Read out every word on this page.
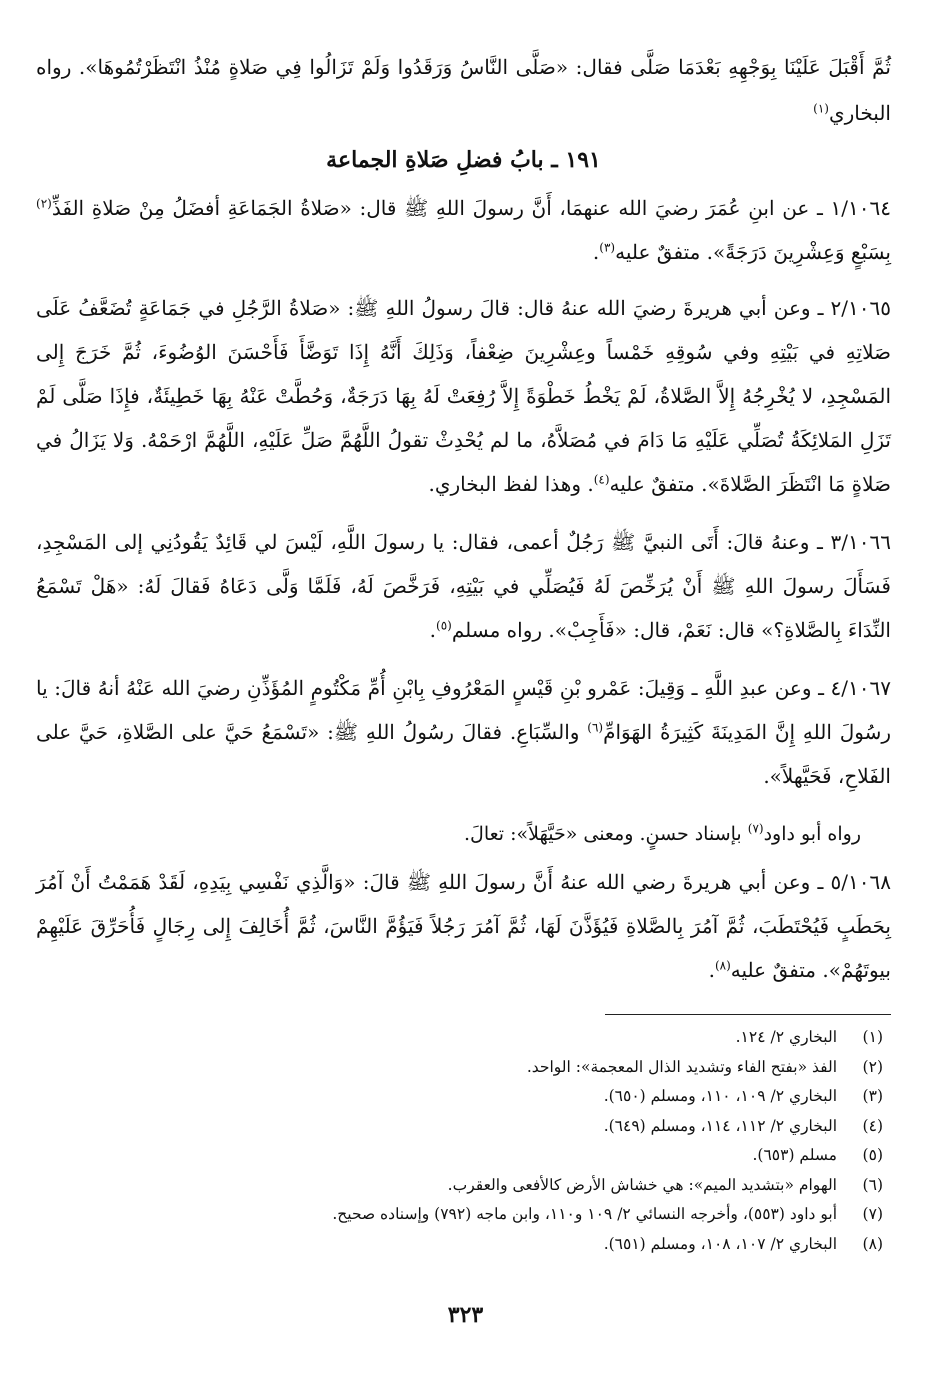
ثُمَّ أَقْبَلَ عَلَيْنَا بِوَجْهِهِ بَعْدَمَا صَلَّى فقال: «صَلَّى النَّاسُ وَرَقَدُوا وَلَمْ تَزَالُوا فِي صَلاةٍ مُنْذُ انْتَظَرْتُمُوهَا». رواه البخاري$^{(١)}$

١٩١ ـ بابُ فضلِ صَلاةِ الجماعة

١/١٠٦٤ ـ عن ابنِ عُمَرَ رضيَ الله عنهمَا، أَنَّ رسولَ اللهِ ﷺ قال: «صَلاةُ الجَمَاعَةِ أفضَلُ مِنْ صَلاةِ الفَذِّ$^{(٢)}$ بِسَبْعٍ وَعِشْرِينَ دَرَجَةً». متفقٌ عليه$^{(٣)}$.

٢/١٠٦٥ ـ وعن أبي هريرةَ رضيَ الله عنهُ قال: قالَ رسولُ اللهِ ﷺ: «صَلاةُ الرَّجُلِ في جَمَاعَةٍ تُضَعَّفُ عَلَى صَلاتِهِ في بَيْتِهِ وفي سُوقِهِ خَمْساً وعِشْرِينَ ضِعْفاً، وَذَلِكَ أَنَّهُ إِذَا تَوَضَّأَ فَأَحْسَنَ الوُضُوءَ، ثُمَّ خَرَجَ إِلى المَسْجِدِ، لا يُخْرِجُهُ إِلاَّ الصَّلاةُ، لَمْ يَخْطُ خَطْوَةً إِلاَّ رُفِعَتْ لَهُ بِهَا دَرَجَةٌ، وَحُطَّتْ عَنْهُ بِهَا خَطِيئَةٌ، فإِذَا صَلَّى لَمْ تَزَلِ المَلائِكَةُ تُصَلِّي عَلَيْهِ مَا دَامَ في مُصَلاَّهُ، ما لم يُحْدِثْ تقولُ اللَّهُمَّ صَلِّ عَلَيْهِ، اللَّهُمَّ ارْحَمْهُ. وَلا يَزَالُ في صَلاةٍ مَا انْتَظَرَ الصَّلاةَ». متفقٌ عليه$^{(٤)}$. وهذا لفظ البخاري.

٣/١٠٦٦ ـ وعنهُ قالَ: أَتَى النبيَّ ﷺ رَجُلٌ أعمى، فقال: يا رسولَ اللَّهِ، لَيْسَ لي قَائِدٌ يَقُودُنِي إلى المَسْجِدِ، فَسَأَلَ رسولَ اللهِ ﷺ أَنْ يُرَخِّصَ لَهُ فَيُصَلِّي في بَيْتِهِ، فَرَخَّصَ لَهُ، فَلَمَّا وَلَّى دَعَاهُ فَقالَ لَهُ: «هَلْ تَسْمَعُ النِّدَاءَ بِالصَّلاةِ؟» قال: نَعَمْ، قال: «فَأَجِبْ». رواه مسلم$^{(٥)}$.

٤/١٠٦٧ ـ وعن عبدِ اللَّهِ ـ وَقِيلَ: عَمْرو بْنِ قَيْسٍ المَعْرُوفِ بِابْنِ أُمِّ مَكْتُومٍ المُؤَذِّنِ رضيَ الله عَنْهُ أنهُ قالَ: يا رسُولَ اللهِ إِنَّ المَدِينَةَ كَثِيرَةُ الهَوَامِّ$^{(٦)}$ والسِّبَاعِ. فقالَ رسُولُ اللهِ ﷺ: «تَسْمَعُ حَيَّ على الصَّلاةِ، حَيَّ على الفَلاحِ، فَحَيَّهلاً».

رواه أبو داود$^{(٧)}$ بإسناد حسنٍ. ومعنى «حَيَّهَلاً»: تعالَ.

٥/١٠٦٨ ـ وعن أبي هريرةَ رضي الله عنهُ أَنَّ رسولَ اللهِ ﷺ قالَ: «وَالَّذِي نَفْسِي بِيَدِهِ، لَقَدْ هَمَمْتُ أَنْ آمُرَ بِحَطَبٍ فَيُحْتَطَبَ، ثُمَّ آمُرَ بِالصَّلاةِ فَيُؤَذَّنَ لَهَا، ثُمَّ آمُرَ رَجُلاً فَيَؤُمَّ النَّاسَ، ثُمَّ أُخَالِفَ إِلى رِجَالٍ فَأُحَرِّقَ عَلَيْهِمْ بيوتَهُمْ». متفقٌ عليه$^{(٨)}$.

(١)
البخاري ٢/ ١٢٤.
(٢)
الفذ «بفتح الفاء وتشديد الذال المعجمة»: الواحد.
(٣)
البخاري ٢/ ١٠٩، ١١٠، ومسلم (٦٥٠).
(٤)
البخاري ٢/ ١١٢، ١١٤، ومسلم (٦٤٩).
(٥)
مسلم (٦٥٣).
(٦)
الهوام «بتشديد الميم»: هي خشاش الأرض كالأفعى والعقرب.
(٧)
أبو داود (٥٥٣)، وأخرجه النسائي ٢/ ١٠٩ و١١٠، وابن ماجه (٧٩٢) وإسناده صحيح.
(٨)
البخاري ٢/ ١٠٧، ١٠٨، ومسلم (٦٥١).
٣٢٣
